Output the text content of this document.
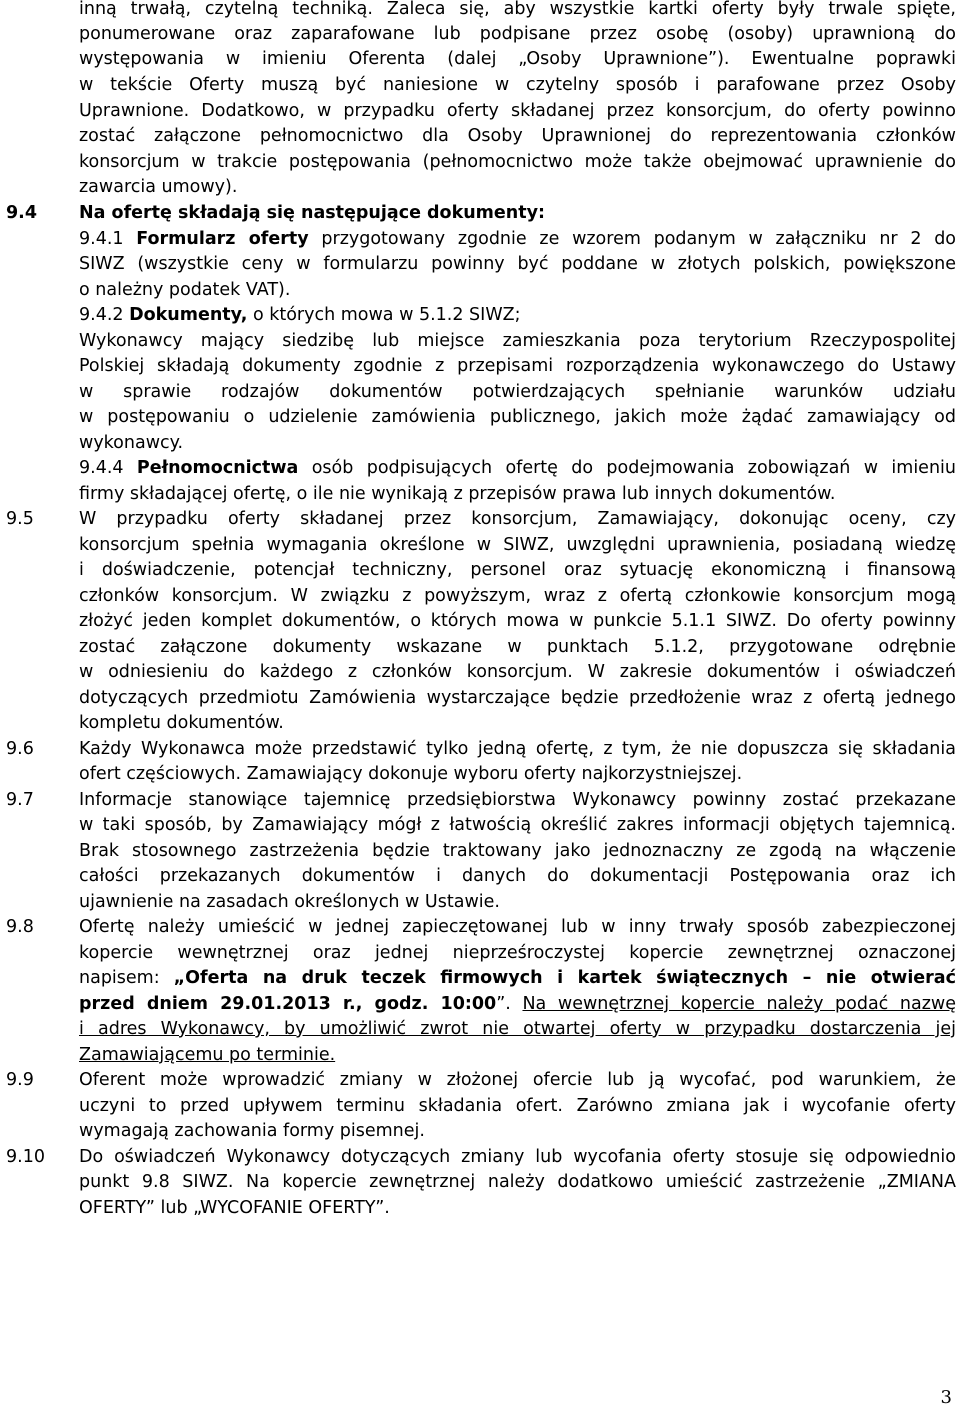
inną trwałą, czytelną techniką. Zaleca się, aby wszystkie kartki oferty były trwale spięte,
ponumerowane oraz zaparafowane lub podpisane przez osobę (osoby) uprawnioną do
występowania w imieniu Oferenta (dalej „Osoby Uprawnione”). Ewentualne poprawki
w tekście Oferty muszą być naniesione w czytelny sposób i parafowane przez Osoby
Uprawnione. Dodatkowo, w przypadku oferty składanej przez konsorcjum, do oferty powinno
zostać załączone pełnomocnictwo dla Osoby Uprawnionej do reprezentowania członków
konsorcjum w trakcie postępowania (pełnomocnictwo może także obejmować uprawnienie do
zawarcia umowy).
9.4 Na ofertę składają się następujące dokumenty:
9.4.1 Formularz oferty przygotowany zgodnie ze wzorem podanym w załączniku nr 2 do
SIWZ (wszystkie ceny w formularzu powinny być poddane w złotych polskich, powiększone
o należny podatek VAT).
9.4.2 Dokumenty, o których mowa w 5.1.2 SIWZ;
Wykonawcy mający siedzibę lub miejsce zamieszkania poza terytorium Rzeczypospolitej
Polskiej składają dokumenty zgodnie z przepisami rozporządzenia wykonawczego do Ustawy
w sprawie rodzajów dokumentów potwierdzających spełnianie warunków udziału
w postępowaniu o udzielenie zamówienia publicznego, jakich może żądać zamawiający od
wykonawcy.
9.4.4 Pełnomocnictwa osób podpisujących ofertę do podejmowania zobowiązań w imieniu
firmy składającej ofertę, o ile nie wynikają z przepisów prawa lub innych dokumentów.
9.5	W przypadku oferty składanej przez konsorcjum, Zamawiający, dokonując oceny, czy
konsorcjum spełnia wymagania określone w SIWZ, uwzględni uprawnienia, posiadaną wiedzę
i doświadczenie, potencjał techniczny, personel oraz sytuację ekonomiczną i finansową
członków konsorcjum. W związku z powyższym, wraz z ofertą członkowie konsorcjum mogą
złożyć jeden komplet dokumentów, o których mowa w punkcie 5.1.1 SIWZ. Do oferty powinny
zostać załączone dokumenty wskazane w punktach 5.1.2, przygotowane odrębnie
w odniesieniu do każdego z członków konsorcjum. W zakresie dokumentów i oświadczeń
dotyczących przedmiotu Zamówienia wystarczające będzie przedłożenie wraz z ofertą jednego
kompletu dokumentów.
9.6	Każdy Wykonawca może przedstawić tylko jedną ofertę, z tym, że nie dopuszcza się składania
ofert częściowych. Zamawiający dokonuje wyboru oferty najkorzystniejszej.
9.7	Informacje stanowiące tajemnicę przedsiębiorstwa Wykonawcy powinny zostać przekazane
w taki sposób, by Zamawiający mógł z łatwością określić zakres informacji objętych tajemnicą.
Brak stosownego zastrzeżenia będzie traktowany jako jednoznaczny ze zgodą na włączenie
całości przekazanych dokumentów i danych do dokumentacji Postępowania oraz ich
ujawnienie na zasadach określonych w Ustawie.
9.8	Ofertę należy umieścić w jednej zapieczętowanej lub w inny trwały sposób zabezpieczonej
kopercie wewnętrznej oraz jednej nieprześroczystej kopercie zewnętrznej oznaczonej
napisem: „Oferta na druk teczek firmowych i kartek świątecznych – nie otwierać
przed dniem 29.01.2013 r., godz. 10:00”. Na wewnętrznej kopercie należy podać nazwę
i adres Wykonawcy, by umożliwić zwrot nie otwartej oferty w przypadku dostarczenia jej
Zamawiającemu po terminie.
9.9	Oferent może wprowadzić zmiany w złożonej ofercie lub ją wycofać, pod warunkiem, że
uczyni to przed upływem terminu składania ofert. Zarówno zmiana jak i wycofanie oferty
wymagają zachowania formy pisemnej.
9.10 Do oświadczeń Wykonawcy dotyczących zmiany lub wycofania oferty stosuje się odpowiednio
punkt 9.8 SIWZ. Na kopercie zewnętrznej należy dodatkowo umieścić zastrzeżenie „ZMIANA
OFERTY” lub „WYCOFANIE OFERTY”.
3
